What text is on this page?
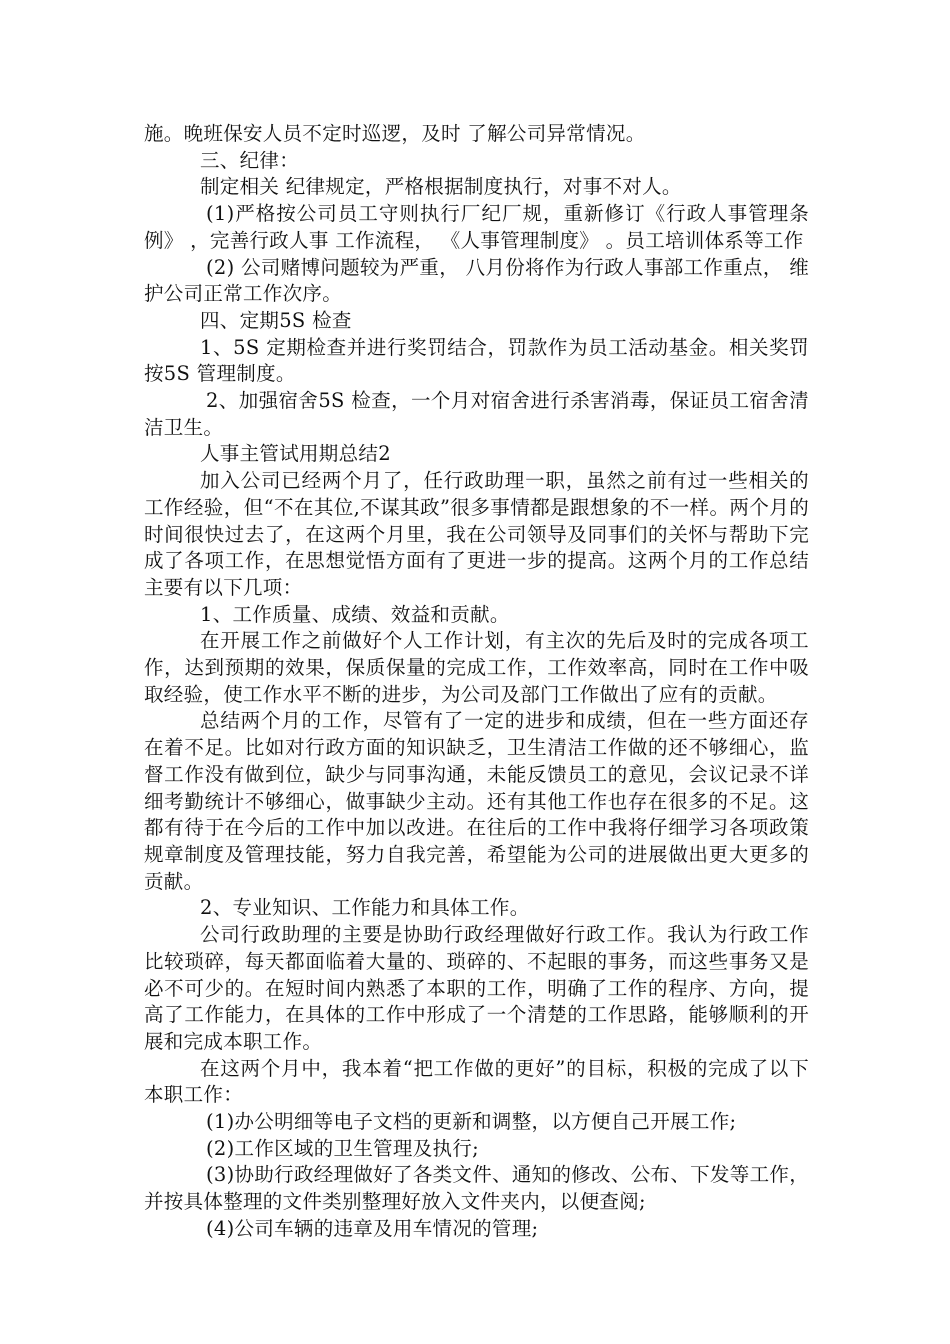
施。晚班保安人员不定时巡逻，及时 了解公司异常情况。

三、纪律：

制定相关 纪律规定，严格根据制度执行，对事不对人。

(1)严格按公司员工守则执行厂纪厂规，重新修订《行政人事管理条例》 ，完善行政人事 工作流程， 《人事管理制度》 。员工培训体系等工作

(2) 公司赌博问题较为严重， 八月份将作为行政人事部工作重点， 维护公司正常工作次序。

四、定期5S 检查

1、5S 定期检查并进行奖罚结合，罚款作为员工活动基金。相关奖罚按5S 管理制度。

2、加强宿舍5S 检查，一个月对宿舍进行杀害消毒，保证员工宿舍清洁卫生。

人事主管试用期总结2

加入公司已经两个月了，任行政助理一职，虽然之前有过一些相关的工作经验，但“不在其位,不谋其政”很多事情都是跟想象的不一样。两个月的时间很快过去了，在这两个月里，我在公司领导及同事们的关怀与帮助下完成了各项工作，在思想觉悟方面有了更进一步的提高。这两个月的工作总结主要有以下几项：

1、工作质量、成绩、效益和贡献。

在开展工作之前做好个人工作计划，有主次的先后及时的完成各项工作，达到预期的效果，保质保量的完成工作，工作效率高，同时在工作中吸取经验，使工作水平不断的进步，为公司及部门工作做出了应有的贡献。

总结两个月的工作，尽管有了一定的进步和成绩，但在一些方面还存在着不足。比如对行政方面的知识缺乏，卫生清洁工作做的还不够细心，监督工作没有做到位，缺少与同事沟通，未能反馈员工的意见，会议记录不详细考勤统计不够细心，做事缺少主动。还有其他工作也存在很多的不足。这都有待于在今后的工作中加以改进。在往后的工作中我将仔细学习各项政策规章制度及管理技能，努力自我完善，希望能为公司的进展做出更大更多的贡献。

2、专业知识、工作能力和具体工作。

公司行政助理的主要是协助行政经理做好行政工作。我认为行政工作比较琐碎，每天都面临着大量的、琐碎的、不起眼的事务，而这些事务又是必不可少的。在短时间内熟悉了本职的工作，明确了工作的程序、方向，提高了工作能力，在具体的工作中形成了一个清楚的工作思路，能够顺利的开展和完成本职工作。

在这两个月中，我本着“把工作做的更好”的目标，积极的完成了以下本职工作：

(1)办公明细等电子文档的更新和调整，以方便自己开展工作;

(2)工作区域的卫生管理及执行;

(3)协助行政经理做好了各类文件、通知的修改、公布、下发等工作，并按具体整理的文件类别整理好放入文件夹内，以便查阅;

(4)公司车辆的违章及用车情况的管理;
